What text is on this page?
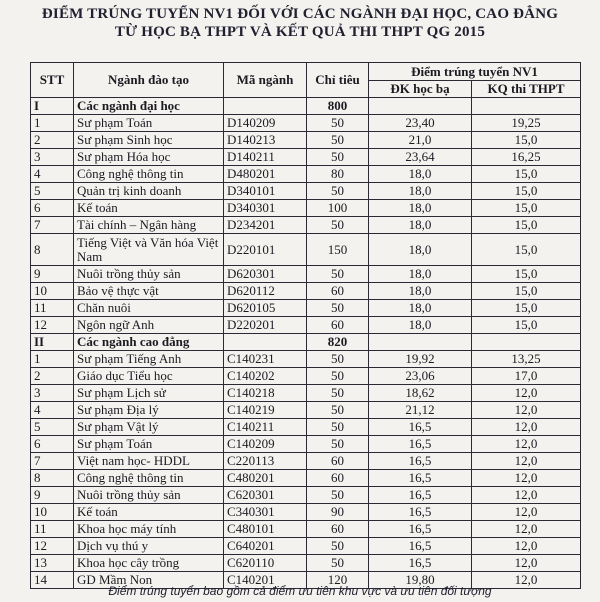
ĐIỂM TRÚNG TUYỂN NV1 ĐỐI VỚI CÁC NGÀNH ĐẠI HỌC, CAO ĐẲNG
TỪ HỌC BẠ THPT VÀ KẾT QUẢ THI THPT QG 2015
STT	Ngành đào tạo	Mã ngành	Chỉ tiêu	Điểm trúng tuyển NV1	
				ĐK học bạ	KQ thi THPT
I	Các ngành đại học		800		
1	Sư phạm Toán	D140209	50	23,40	19,25
2	Sư phạm Sinh học	D140213	50	21,0	15,0
3	Sư phạm Hóa học	D140211	50	23,64	16,25
4	Công nghệ thông tin	D480201	80	18,0	15,0
5	Quản trị kinh doanh	D340101	50	18,0	15,0
6	Kế toán	D340301	100	18,0	15,0
7	Tài chính – Ngân hàng	D234201	50	18,0	15,0
8	Tiếng Việt và Văn hóa Việt Nam	D220101	150	18,0	15,0
9	Nuôi trồng thủy sản	D620301	50	18,0	15,0
10	Bảo vệ thực vật	D620112	60	18,0	15,0
11	Chăn nuôi	D620105	50	18,0	15,0
12	Ngôn ngữ Anh	D220201	60	18,0	15,0
II	Các ngành cao đẳng		820		
1	Sư phạm Tiếng Anh	C140231	50	19,92	13,25
2	Giáo dục Tiểu học	C140202	50	23,06	17,0
3	Sư phạm Lịch sử	C140218	50	18,62	12,0
4	Sư phạm Địa lý	C140219	50	21,12	12,0
5	Sư phạm Vật lý	C140211	50	16,5	12,0
6	Sư phạm Toán	C140209	50	16,5	12,0
7	Việt nam học- HDDL	C220113	60	16,5	12,0
8	Công nghệ thông tin	C480201	60	16,5	12,0
9	Nuôi trồng thủy sản	C620301	50	16,5	12,0
10	Kế toán	C340301	90	16,5	12,0
11	Khoa học máy tính	C480101	60	16,5	12,0
12	Dịch vụ thú y	C640201	50	16,5	12,0
13	Khoa học cây trồng	C620110	50	16,5	12,0
14	GD Mầm Non	C140201	120	19,80	12,0
Điểm trúng tuyển bao gồm cả điểm ưu tiên khu vực và ưu tiên đối tượng
